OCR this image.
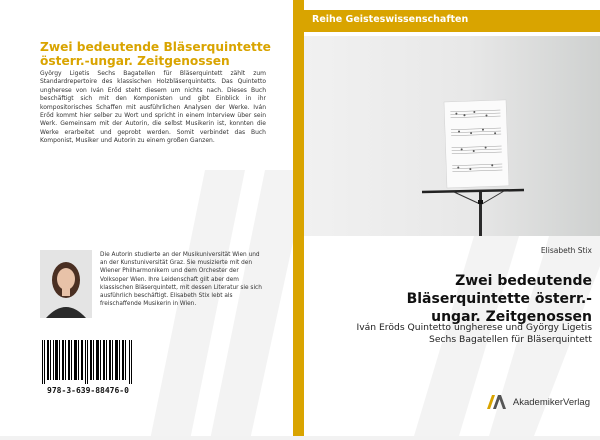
Zwei bedeutende Bläserquintette
österr.-ungar. Zeitgenossen
György Ligetis Sechs Bagatellen für Bläserquintett zählt zum Standardrepertoire des klassischen Holzbläserquintetts. Das Quintetto ungherese von Iván Erőd steht diesem um nichts nach. Dieses Buch beschäftigt sich mit den Komponisten und gibt Einblick in ihr kompositorisches Schaffen mit ausführlichen Analysen der Werke. Iván Erőd kommt hier selber zu Wort und spricht in einem Interview über sein Werk. Gemeinsam mit der Autorin, die selbst Musikerin ist, konnten die Werke erarbeitet und geprobt werden. Somit verbindet das Buch Komponist, Musiker und Autorin zu einem großen Ganzen.
Die Autorin studierte an der Musikuniversität Wien und an der Kunstuniversität Graz. Sie musizierte mit den Wiener Philharmonikern und dem Orchester der Volksoper Wien. Ihre Leidenschaft gilt aber dem klassischen Bläserquintett, mit dessen Literatur sie sich ausführlich beschäftigt. Elisabeth Stix lebt als freischaffende Musikerin in Wien.
978-3-639-88476-0
Reihe Geisteswissenschaften
Elisabeth Stix
Zwei bedeutende
Bläserquintette österr.-
ungar. Zeitgenossen
Iván Eröds Quintetto ungherese und György Ligetis
Sechs Bagatellen für Bläserquintett
AkademikerVerlag
